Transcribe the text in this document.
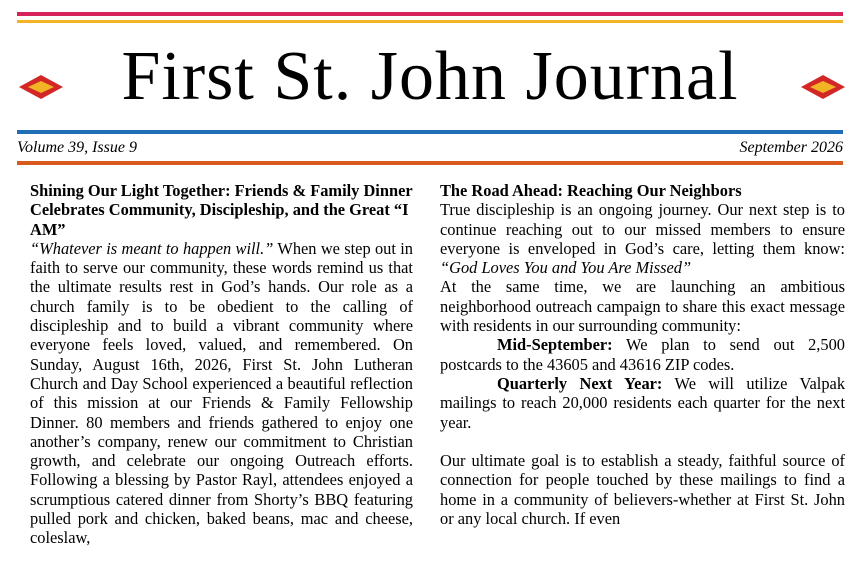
First St. John Journal
Volume 39, Issue 9	September 2026

Shining Our Light Together: Friends & Family Dinner Celebrates Community, Discipleship, and the Great “I AM”

“Whatever is meant to happen will.” When we step out in faith to serve our community, these words remind us that the ultimate results rest in God’s hands. Our role as a church family is to be obedient to the calling of discipleship and to build a vibrant community where everyone feels loved, valued, and remembered. On Sunday, August 16th, 2026, First St. John Lutheran Church and Day School experienced a beautiful reflection of this mission at our Friends & Family Fellowship Dinner. 80 members and friends gathered to enjoy one another’s company, renew our commitment to Christian growth, and celebrate our ongoing Outreach efforts. Following a blessing by Pastor Rayl, attendees enjoyed a scrumptious catered dinner from Shorty’s BBQ featuring pulled pork and chicken, baked beans, mac and cheese, coleslaw,

The Road Ahead: Reaching Our Neighbors

True discipleship is an ongoing journey. Our next step is to continue reaching out to our missed members to ensure everyone is enveloped in God’s care, letting them know: “God Loves You and You Are Missed”

At the same time, we are launching an ambitious neighborhood outreach campaign to share this exact message with residents in our surrounding community:

Mid-September: We plan to send out 2,500 postcards to the 43605 and 43616 ZIP codes.

Quarterly Next Year: We will utilize Valpak mailings to reach 20,000 residents each quarter for the next year.

Our ultimate goal is to establish a steady, faithful source of connection for people touched by these mailings to find a home in a community of believers-whether at First St. John or any local church. If even
